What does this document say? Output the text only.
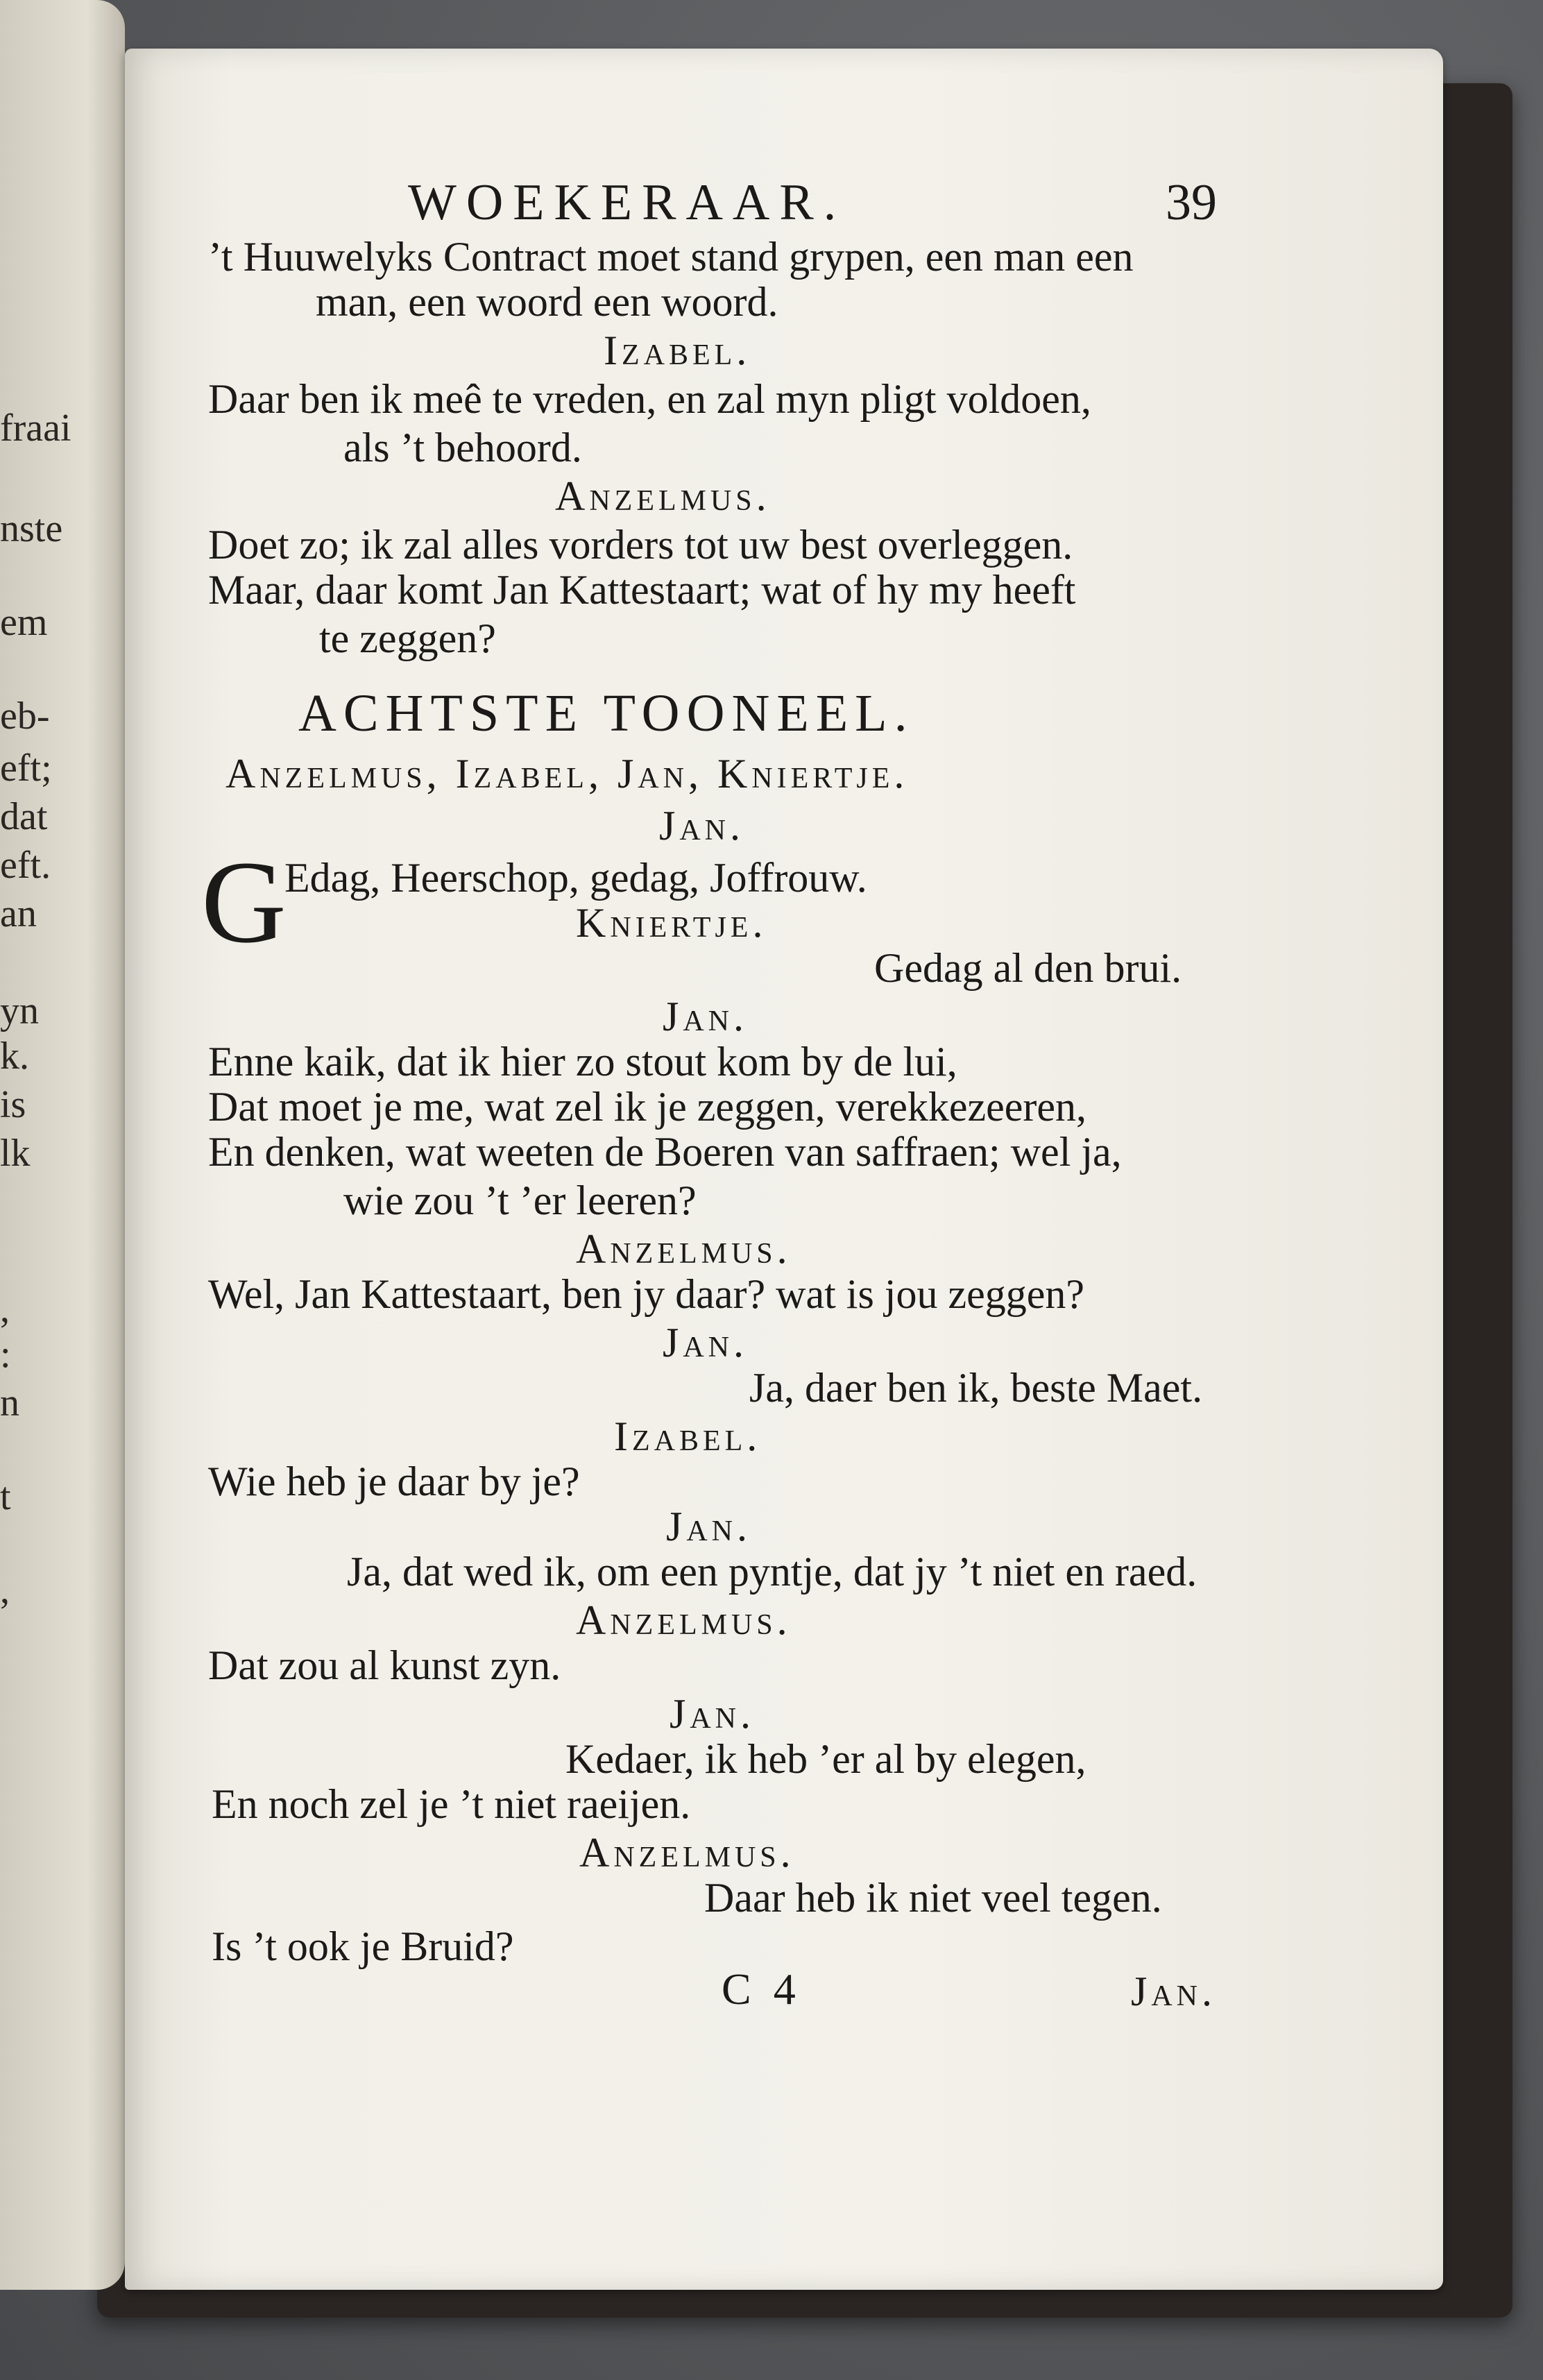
fraai
nste
em
eb-
eft;
dat
eft.
an
yn
k.
is
lk
,
:
n
t
,
WOEKERAAR.	39
’t Huuwelyks Contract moet stand grypen, een man een
man, een woord een woord.
Izabel.
Daar ben ik meê te vreden, en zal myn pligt voldoen,
als ’t behoord.
Anzelmus.
Doet zo; ik zal alles vorders tot uw best overleggen.
Maar, daar komt Jan Kattestaart; wat of hy my heeft
te zeggen?
ACHTSTE TOONEEL.
Anzelmus, Izabel, Jan, Kniertje.
Jan.
G
Edag, Heerschop, gedag, Joffrouw.
Kniertje.
Gedag al den brui.
Jan.
Enne kaik, dat ik hier zo stout kom by de lui,
Dat moet je me, wat zel ik je zeggen, verekkezeeren,
En denken, wat weeten de Boeren van saffraen; wel ja,
wie zou ’t ’er leeren?
Anzelmus.
Wel, Jan Kattestaart, ben jy daar? wat is jou zeggen?
Jan.
Ja, daer ben ik, beste Maet.
Izabel.
Wie heb je daar by je?
Jan.
Ja, dat wed ik, om een pyntje, dat jy ’t niet en raed.
Anzelmus.
Dat zou al kunst zyn.
Jan.
Kedaer, ik heb ’er al by elegen,
En noch zel je ’t niet raeijen.
Anzelmus.
Daar heb ik niet veel tegen.
Is ’t ook je Bruid?
C 4	Jan.
